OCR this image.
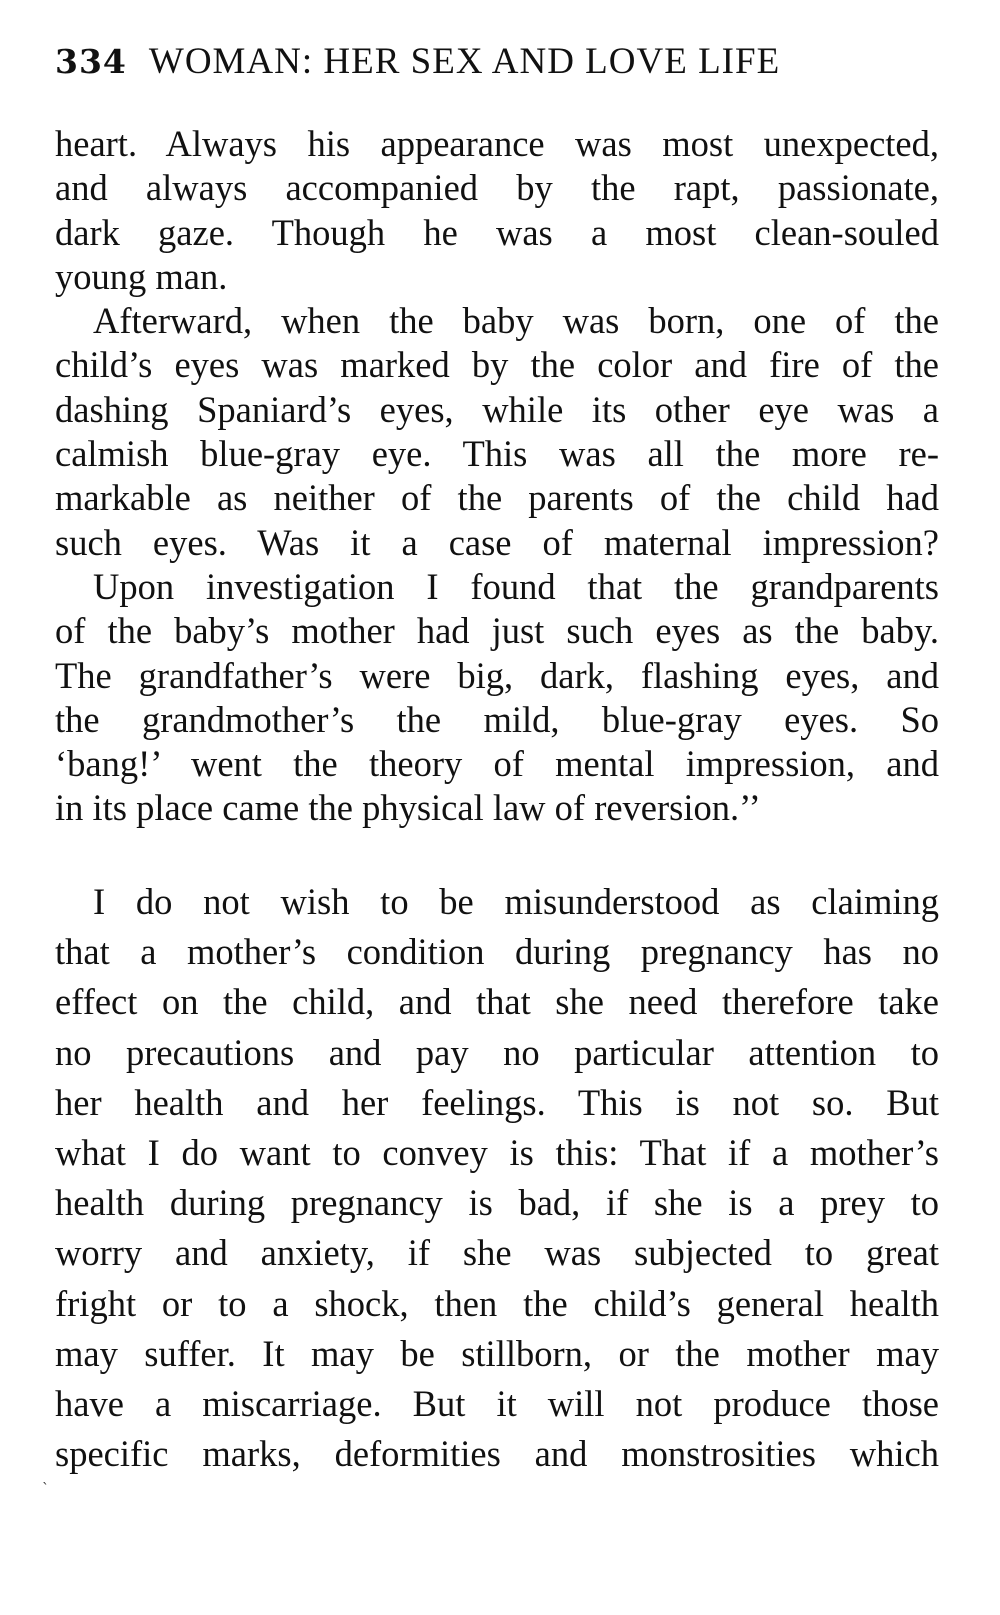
334 WOMAN: HER SEX AND LOVE LIFE
heart. Always his appearance was most unexpected,
and always accompanied by the rapt, passionate,
dark gaze. Though he was a most clean-souled
young man.
Afterward, when the baby was born, one of the
child’s eyes was marked by the color and fire of the
dashing Spaniard’s eyes, while its other eye was a
calmish blue-gray eye. This was all the more re-
markable as neither of the parents of the child had
such eyes. Was it a case of maternal impression?
Upon investigation I found that the grandparents
of the baby’s mother had just such eyes as the baby.
The grandfather’s were big, dark, flashing eyes, and
the grandmother’s the mild, blue-gray eyes. So
‘bang!’ went the theory of mental impression, and
in its place came the physical law of reversion.’’
I do not wish to be misunderstood as claiming
that a mother’s condition during pregnancy has no
effect on the child, and that she need therefore take
no precautions and pay no particular attention to
her health and her feelings. This is not so. But
what I do want to convey is this: That if a mother’s
health during pregnancy is bad, if she is a prey to
worry and anxiety, if she was subjected to great
fright or to a shock, then the child’s general health
may suffer. It may be stillborn, or the mother may
have a miscarriage. But it will not produce those
specific marks, deformities and monstrosities which
ˎ
